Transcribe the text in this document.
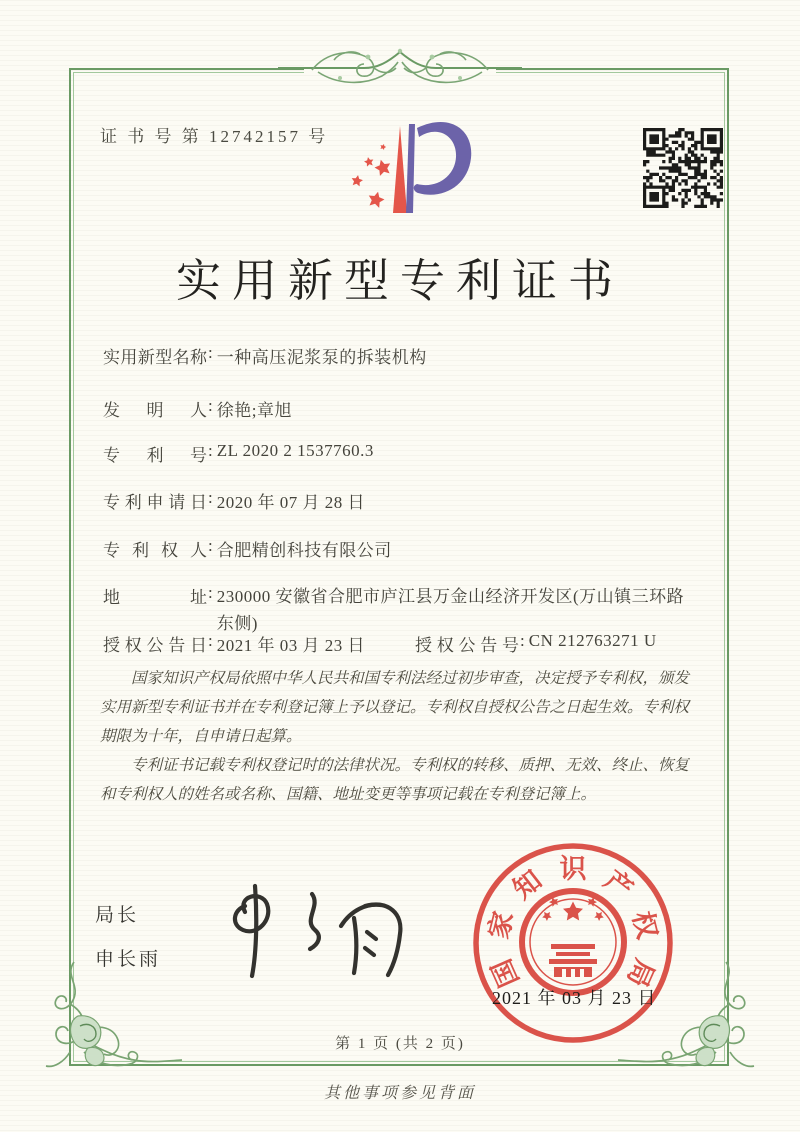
证 书 号 第 12742157 号
实用新型专利证书
实用新型名称: 一种高压泥浆泵的拆装机构
发明人: 徐艳;章旭
专利号: ZL 2020 2 1537760.3
专利申请日: 2020 年 07 月 28 日
专利权人: 合肥精创科技有限公司
地址: 230000 安徽省合肥市庐江县万金山经济开发区(万山镇三环路东侧)
授权公告日: 2021 年 03 月 23 日	授权公告号: CN 212763271 U

国家知识产权局依照中华人民共和国专利法经过初步审查，决定授予专利权，颁发实用新型专利证书并在专利登记簿上予以登记。专利权自授权公告之日起生效。专利权期限为十年，自申请日起算。

专利证书记载专利权登记时的法律状况。专利权的转移、质押、无效、终止、恢复和专利权人的姓名或名称、国籍、地址变更等事项记载在专利登记簿上。

局长
申长雨	国
家
知 识 产
权
局
2021 年 03 月 23 日
第 1 页 (共 2 页)
其他事项参见背面
